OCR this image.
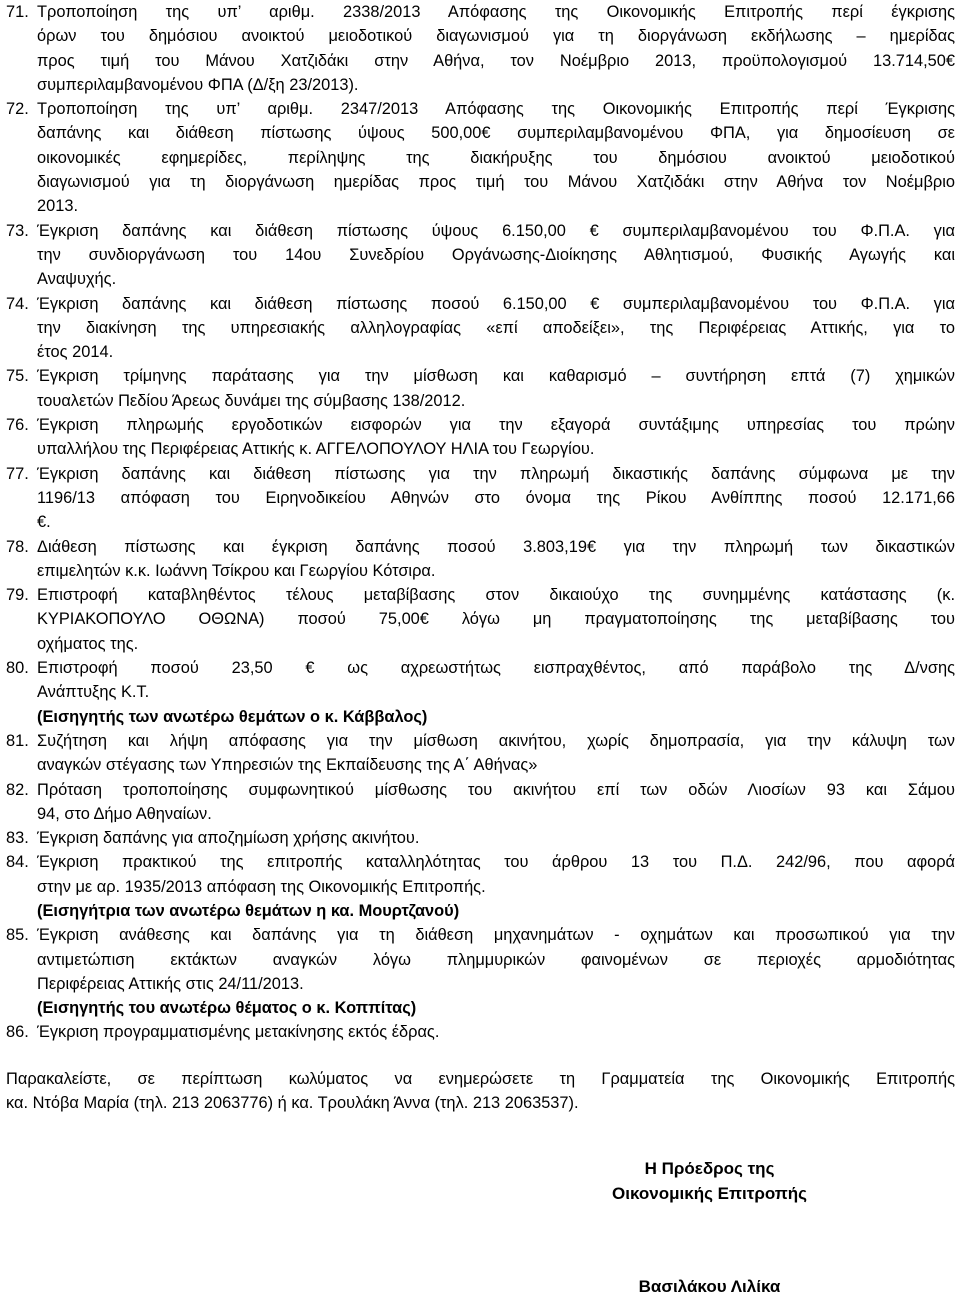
71. Τροποποίηση της υπ’ αριθμ. 2338/2013 Απόφασης της Οικονομικής Επιτροπής περί έγκρισης
όρων του δημόσιου ανοικτού μειοδοτικού διαγωνισμού για τη διοργάνωση εκδήλωσης – ημερίδας
προς τιμή του Μάνου Χατζιδάκι στην Αθήνα, τον Νοέμβριο 2013, προϋπολογισμού 13.714,50€
συμπεριλαμβανομένου ΦΠΑ (Δ/ξη 23/2013).
72. Τροποποίηση της υπ’ αριθμ. 2347/2013 Απόφασης της Οικονομικής Επιτροπής περί Έγκρισης
δαπάνης και διάθεση πίστωσης ύψους 500,00€ συμπεριλαμβανομένου ΦΠΑ, για δημοσίευση σε
οικονομικές εφημερίδες, περίληψης της διακήρυξης του δημόσιου ανοικτού μειοδοτικού
διαγωνισμού για τη διοργάνωση ημερίδας προς τιμή του Μάνου Χατζιδάκι στην Αθήνα τον Νοέμβριο
2013.
73. Έγκριση δαπάνης και διάθεση πίστωσης ύψους 6.150,00 € συμπεριλαμβανομένου του Φ.Π.Α. για
την συνδιοργάνωση του 14ου Συνεδρίου Οργάνωσης-Διοίκησης Αθλητισμού, Φυσικής Αγωγής και
Αναψυχής.
74. Έγκριση δαπάνης και διάθεση πίστωσης ποσού 6.150,00 € συμπεριλαμβανομένου του Φ.Π.Α. για
την διακίνηση της υπηρεσιακής αλληλογραφίας «επί αποδείξει», της Περιφέρειας Αττικής, για το
έτος 2014.
75. Έγκριση τρίμηνης παράτασης για την μίσθωση και καθαρισμό – συντήρηση επτά (7) χημικών
τουαλετών Πεδίου Άρεως δυνάμει της σύμβασης 138/2012.
76. Έγκριση πληρωμής εργοδοτικών εισφορών για την εξαγορά συντάξιμης υπηρεσίας του πρώην
υπαλλήλου της Περιφέρειας Αττικής κ. ΑΓΓΕΛΟΠΟΥΛΟΥ ΗΛΙΑ του Γεωργίου.
77. Έγκριση δαπάνης και διάθεση πίστωσης για την πληρωμή δικαστικής δαπάνης σύμφωνα με την
1196/13 απόφαση του Ειρηνοδικείου Αθηνών στο όνομα της Ρίκου Ανθίππης ποσού 12.171,66
€.
78. Διάθεση πίστωσης και έγκριση δαπάνης ποσού 3.803,19€ για την πληρωμή των δικαστικών
επιμελητών κ.κ. Ιωάννη Τσίκρου και Γεωργίου Κότσιρα.
79. Επιστροφή καταβληθέντος τέλους μεταβίβασης στον δικαιούχο της συνημμένης κατάστασης (κ.
ΚΥΡΙΑΚΟΠΟΥΛΟ ΟΘΩΝΑ) ποσού 75,00€ λόγω μη πραγματοποίησης της μεταβίβασης του
οχήματος της.
80. Επιστροφή ποσού 23,50 € ως αχρεωστήτως εισπραχθέντος, από παράβολο της Δ/νσης
Ανάπτυξης Κ.Τ.
(Εισηγητής των ανωτέρω θεμάτων ο κ. Κάββαλος)
81. Συζήτηση και λήψη απόφασης για την μίσθωση ακινήτου, χωρίς δημοπρασία, για την κάλυψη των
αναγκών στέγασης των Υπηρεσιών της Εκπαίδευσης της Α΄ Αθήνας»
82. Πρόταση τροποποίησης συμφωνητικού μίσθωσης του ακινήτου επί των οδών Λιοσίων 93 και Σάμου
94, στο Δήμο Αθηναίων.
83. Έγκριση δαπάνης για αποζημίωση χρήσης ακινήτου.
84. Έγκριση πρακτικού της επιτροπής καταλληλότητας του άρθρου 13 του Π.Δ. 242/96, που αφορά
στην με αρ. 1935/2013 απόφαση της Οικονομικής Επιτροπής.
(Εισηγήτρια των ανωτέρω θεμάτων η κα. Μουρτζανού)
85. Έγκριση ανάθεσης και δαπάνης για τη διάθεση μηχανημάτων - οχημάτων και προσωπικού για την
αντιμετώπιση εκτάκτων αναγκών λόγω πλημμυρικών φαινομένων σε περιοχές αρμοδιότητας
Περιφέρειας Αττικής στις 24/11/2013.
(Εισηγητής του ανωτέρω θέματος ο κ. Κοππίτας)
86. Έγκριση προγραμματισμένης μετακίνησης εκτός έδρας.
Παρακαλείστε, σε περίπτωση κωλύματος να ενημερώσετε τη Γραμματεία της Οικονομικής Επιτροπής
κα. Ντόβα Μαρία (τηλ. 213 2063776) ή κα. Τρουλάκη Άννα (τηλ. 213 2063537).
Η Πρόεδρος της
Οικονομικής Επιτροπής
Βασιλάκου Λιλίκα
